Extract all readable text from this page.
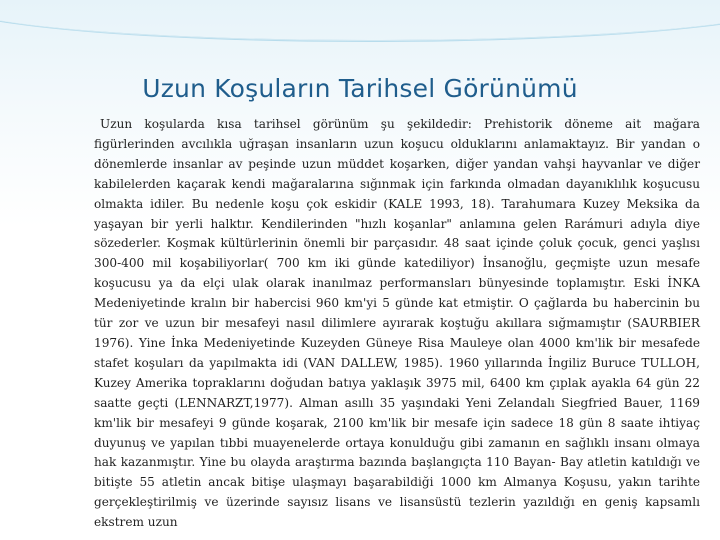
Uzun Koşuların Tarihsel Görünümü

Uzun koşularda kısa tarihsel görünüm şu şekildedir: Prehistorik döneme ait mağara figürlerinden avcılıkla uğraşan insanların uzun koşucu olduklarını anlamaktayız. Bir yandan o dönemlerde insanlar av peşinde uzun müddet koşarken, diğer yandan vahşi hayvanlar ve diğer kabilelerden kaçarak kendi mağaralarına sığınmak için farkında olmadan dayanıklılık koşucusu olmakta idiler. Bu nedenle koşu çok eskidir (KALE 1993, 18). Tarahumara Kuzey Meksika da yaşayan bir yerli halktır. Kendilerinden "hızlı koşanlar" anlamına gelen Rarámuri adıyla diye sözederler. Koşmak kültürlerinin önemli bir parçasıdır. 48 saat içinde çoluk çocuk, genci yaşlısı 300-400 mil koşabiliyorlar( 700 km iki günde katediliyor) İnsanoğlu, geçmişte uzun mesafe koşucusu ya da elçi ulak olarak inanılmaz performansları bünyesinde toplamıştır. Eski İNKA Medeniyetinde kralın bir habercisi 960 km'yi 5 günde kat etmiştir. O çağlarda bu habercinin bu tür zor ve uzun bir mesafeyi nasıl dilimlere ayırarak koştuğu akıllara sığmamıştır (SAURBIER 1976). Yine İnka Medeniyetinde Kuzeyden Güneye Risa Mauleye olan 4000 km'lik bir mesafede stafet koşuları da yapılmakta idi (VAN DALLEW, 1985). 1960 yıllarında İngiliz Buruce TULLOH, Kuzey Amerika topraklarını doğudan batıya yaklaşık 3975 mil, 6400 km çıplak ayakla 64 gün 22 saatte geçti (LENNARZT,1977). Alman asıllı 35 yaşındaki Yeni Zelandalı Siegfried Bauer, 1169 km'lik bir mesafeyi 9 günde koşarak, 2100 km'lik bir mesafe için sadece 18 gün 8 saate ihtiyaç duyunuş ve yapılan tıbbi muayenelerde ortaya konulduğu gibi zamanın en sağlıklı insanı olmaya hak kazanmıştır. Yine bu olayda araştırma bazında başlangıçta 110 Bayan- Bay atletin katıldığı ve bitişte 55 atletin ancak bitişe ulaşmayı başarabildiği 1000 km Almanya Koşusu, yakın tarihte gerçekleştirilmiş ve üzerinde sayısız lisans ve lisansüstü tezlerin yazıldığı en geniş kapsamlı ekstrem uzun
